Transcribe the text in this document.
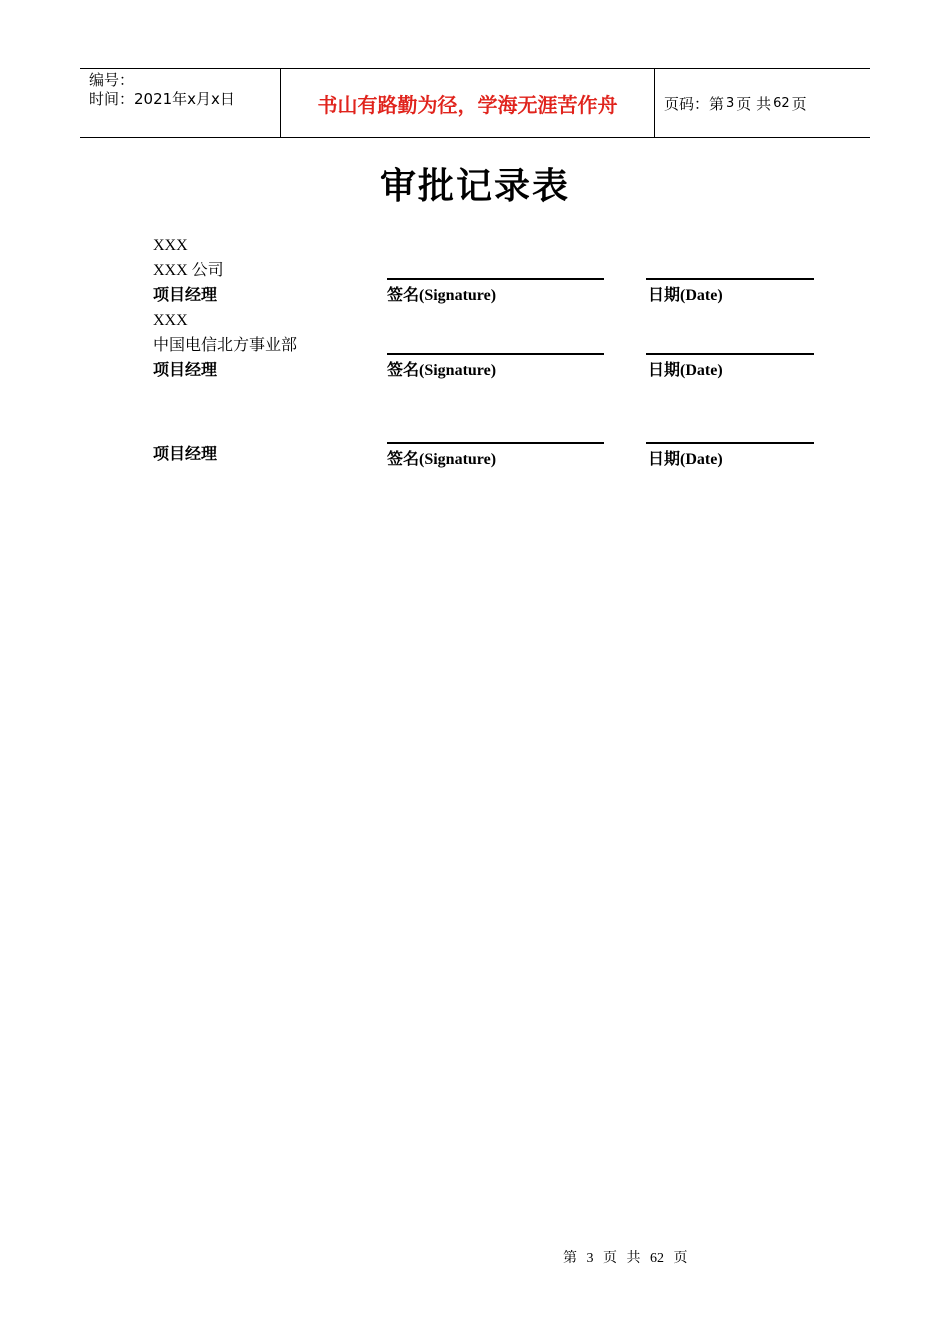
编号：
时间：2021年x月x日	书山有路勤为径，学海无涯苦作舟	页码：第 3 页 共 62 页
审批记录表
XXX
XXX 公司
项目经理	签名(Signature)	日期(Date)
XXX
中国电信北方事业部
项目经理	签名(Signature)	日期(Date)
项目经理	签名(Signature)	日期(Date)
第 3 页 共 62 页
